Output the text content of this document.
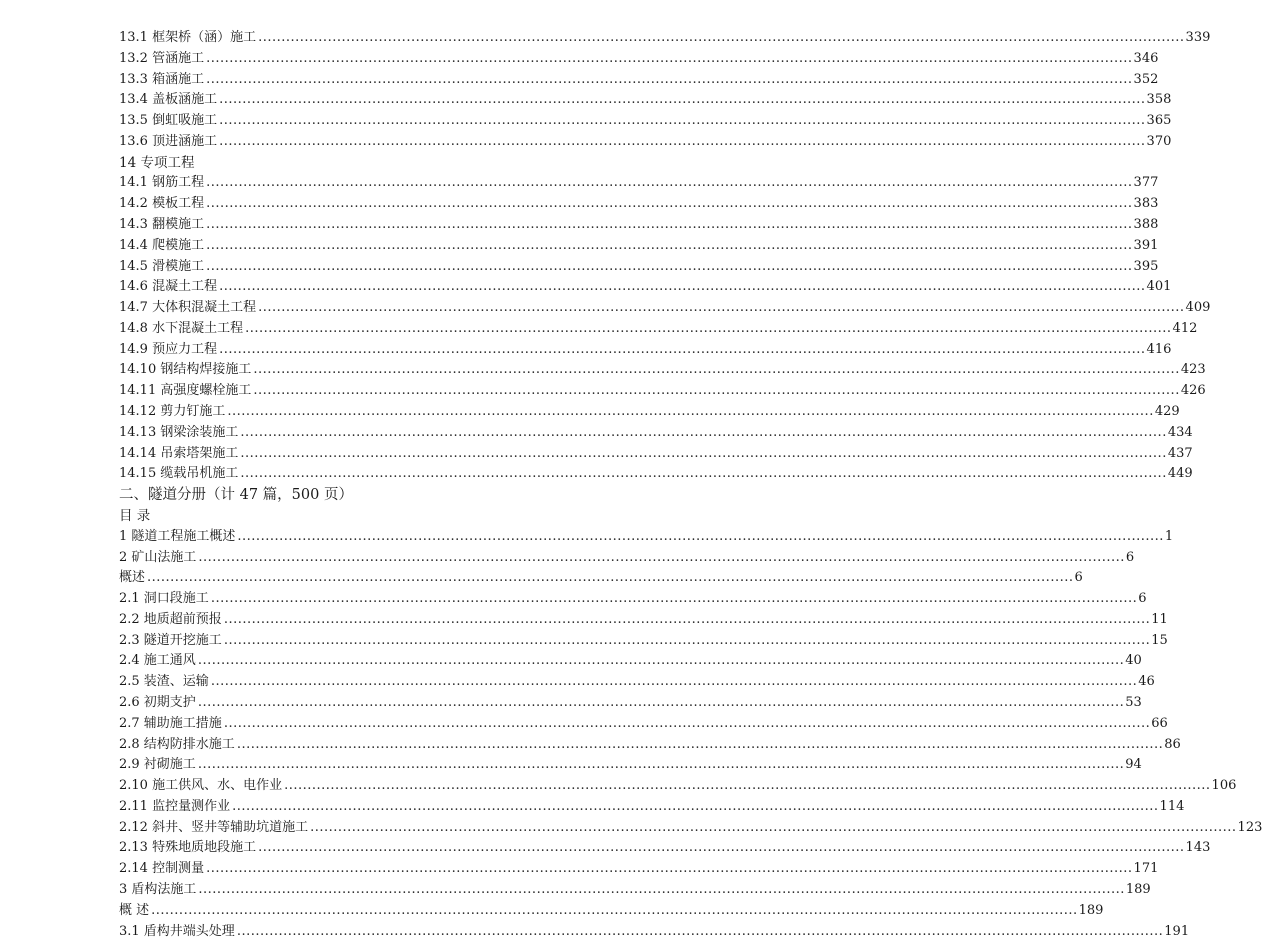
13.1 框架桥（涵）施工 ........................................................................................................................................................................................................ 339
13.2 管涵施工 ........................................................................................................................................................................................................ 346
13.3 箱涵施工 ........................................................................................................................................................................................................ 352
13.4 盖板涵施工 ........................................................................................................................................................................................................ 358
13.5 倒虹吸施工 ........................................................................................................................................................................................................ 365
13.6 顶进涵施工 ........................................................................................................................................................................................................ 370
14 专项工程
14.1 钢筋工程 ........................................................................................................................................................................................................ 377
14.2 模板工程 ........................................................................................................................................................................................................ 383
14.3 翻模施工 ........................................................................................................................................................................................................ 388
14.4 爬模施工 ........................................................................................................................................................................................................ 391
14.5 滑模施工 ........................................................................................................................................................................................................ 395
14.6 混凝土工程 ........................................................................................................................................................................................................ 401
14.7 大体积混凝土工程 ........................................................................................................................................................................................................ 409
14.8 水下混凝土工程 ........................................................................................................................................................................................................ 412
14.9 预应力工程 ........................................................................................................................................................................................................ 416
14.10 钢结构焊接施工 ........................................................................................................................................................................................................ 423
14.11 高强度螺栓施工 ........................................................................................................................................................................................................ 426
14.12 剪力钉施工 ........................................................................................................................................................................................................ 429
14.13 钢梁涂装施工 ........................................................................................................................................................................................................ 434
14.14 吊索塔架施工 ........................................................................................................................................................................................................ 437
14.15 缆载吊机施工 ........................................................................................................................................................................................................ 449
二、隧道分册（计 47 篇，500 页）
目 录
1 隧道工程施工概述 ........................................................................................................................................................................................................ 1
2 矿山法施工 ........................................................................................................................................................................................................ 6
概述 ........................................................................................................................................................................................................ 6
2.1 洞口段施工 ........................................................................................................................................................................................................ 6
2.2 地质超前预报 ........................................................................................................................................................................................................ 11
2.3 隧道开挖施工 ........................................................................................................................................................................................................ 15
2.4 施工通风 ........................................................................................................................................................................................................ 40
2.5 装渣、运输 ........................................................................................................................................................................................................ 46
2.6 初期支护 ........................................................................................................................................................................................................ 53
2.7 辅助施工措施 ........................................................................................................................................................................................................ 66
2.8 结构防排水施工 ........................................................................................................................................................................................................ 86
2.9 衬砌施工 ........................................................................................................................................................................................................ 94
2.10 施工供风、水、电作业 ........................................................................................................................................................................................................ 106
2.11 监控量测作业 ........................................................................................................................................................................................................ 114
2.12 斜井、竖井等辅助坑道施工 ........................................................................................................................................................................................................ 123
2.13 特殊地质地段施工 ........................................................................................................................................................................................................ 143
2.14 控制测量 ........................................................................................................................................................................................................ 171
3 盾构法施工 ........................................................................................................................................................................................................ 189
概 述 ........................................................................................................................................................................................................ 189
3.1 盾构井端头处理 ........................................................................................................................................................................................................ 191
